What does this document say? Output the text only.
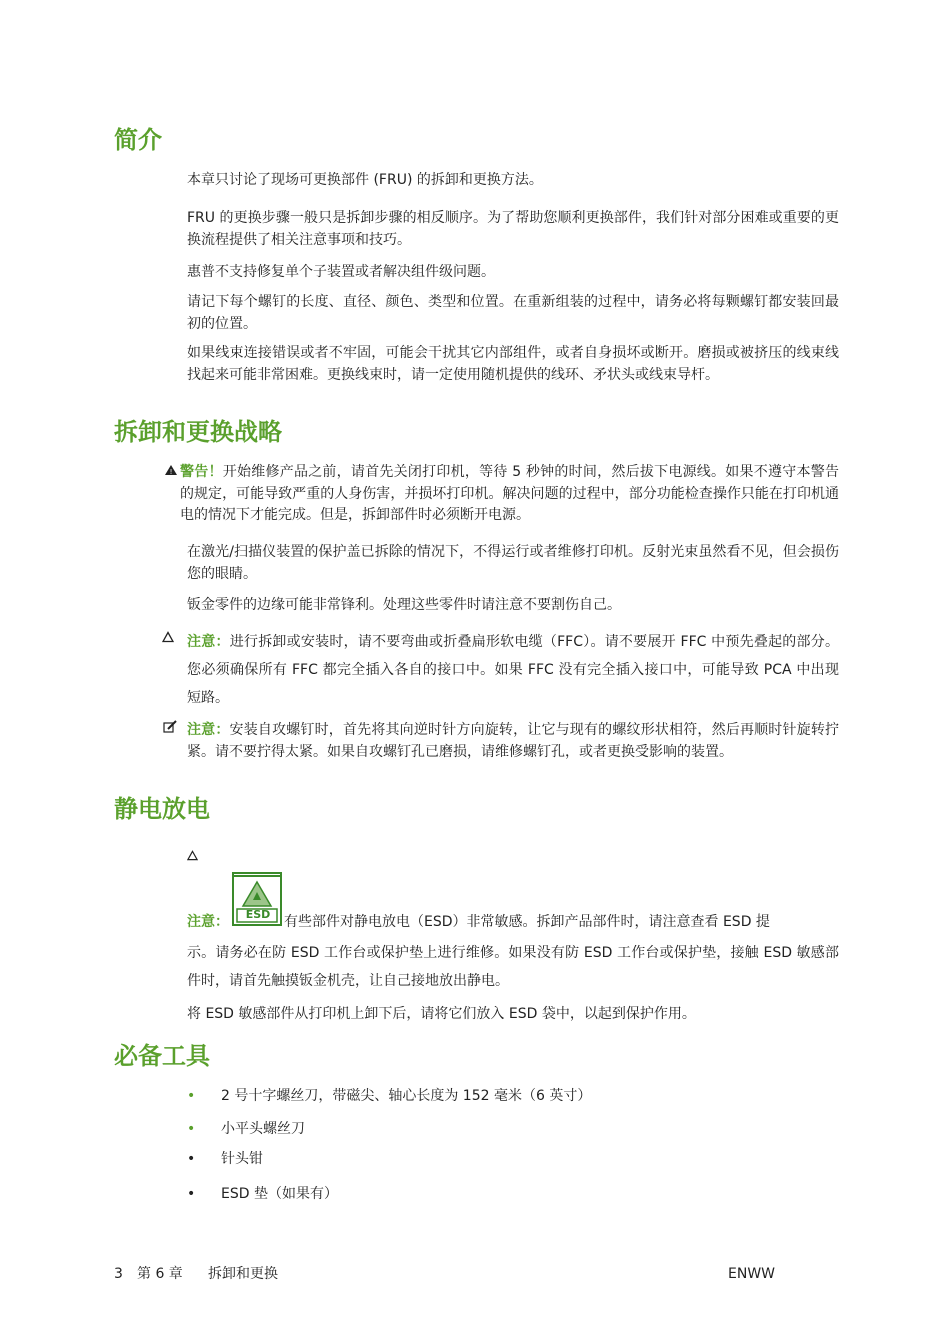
简介

本章只讨论了现场可更换部件 (FRU) 的拆卸和更换方法。

FRU 的更换步骤一般只是拆卸步骤的相反顺序。为了帮助您顺利更换部件，我们针对部分困难或重要的更换流程提供了相关注意事项和技巧。

惠普不支持修复单个子装置或者解决组件级问题。

请记下每个螺钉的长度、直径、颜色、类型和位置。在重新组装的过程中，请务必将每颗螺钉都安装回最初的位置。

如果线束连接错误或者不牢固，可能会干扰其它内部组件，或者自身损坏或断开。磨损或被挤压的线束线找起来可能非常困难。更换线束时，请一定使用随机提供的线环、矛状头或线束导杆。

拆卸和更换战略
! 警告！开始维修产品之前，请首先关闭打印机，等待 5 秒钟的时间，然后拔下电源线。如果不遵守本警告的规定，可能导致严重的人身伤害，并损坏打印机。解决问题的过程中，部分功能检查操作只能在打印机通电的情况下才能完成。但是，拆卸部件时必须断开电源。

在激光/扫描仪装置的保护盖已拆除的情况下，不得运行或者维修打印机。反射光束虽然看不见，但会损伤您的眼睛。

钣金零件的边缘可能非常锋利。处理这些零件时请注意不要割伤自己。

注意：进行拆卸或安装时，请不要弯曲或折叠扁形软电缆（FFC）。请不要展开 FFC 中预先叠起的部分。您必须确保所有 FFC 都完全插入各自的接口中。如果 FFC 没有完全插入接口中，可能导致 PCA 中出现短路。

注意：安装自攻螺钉时，首先将其向逆时针方向旋转，让它与现有的螺纹形状相符，然后再顺时针旋转拧紧。请不要拧得太紧。如果自攻螺钉孔已磨损，请维修螺钉孔，或者更换受影响的装置。

静电放电
注意：	ESD 有些部件对静电放电（ESD）非常敏感。拆卸产品部件时，请注意查看 ESD 提

示。请务必在防 ESD 工作台或保护垫上进行维修。如果没有防 ESD 工作台或保护垫，接触 ESD 敏感部件时，请首先触摸钣金机壳，让自己接地放出静电。

将 ESD 敏感部件从打印机上卸下后，请将它们放入 ESD 袋中，以起到保护作用。

必备工具
• 2 号十字螺丝刀，带磁尖、轴心长度为 152 毫米（6 英寸）
• 小平头螺丝刀
• 针头钳
• ESD 垫（如果有）
3 第 6 章 拆卸和更换	ENWW
